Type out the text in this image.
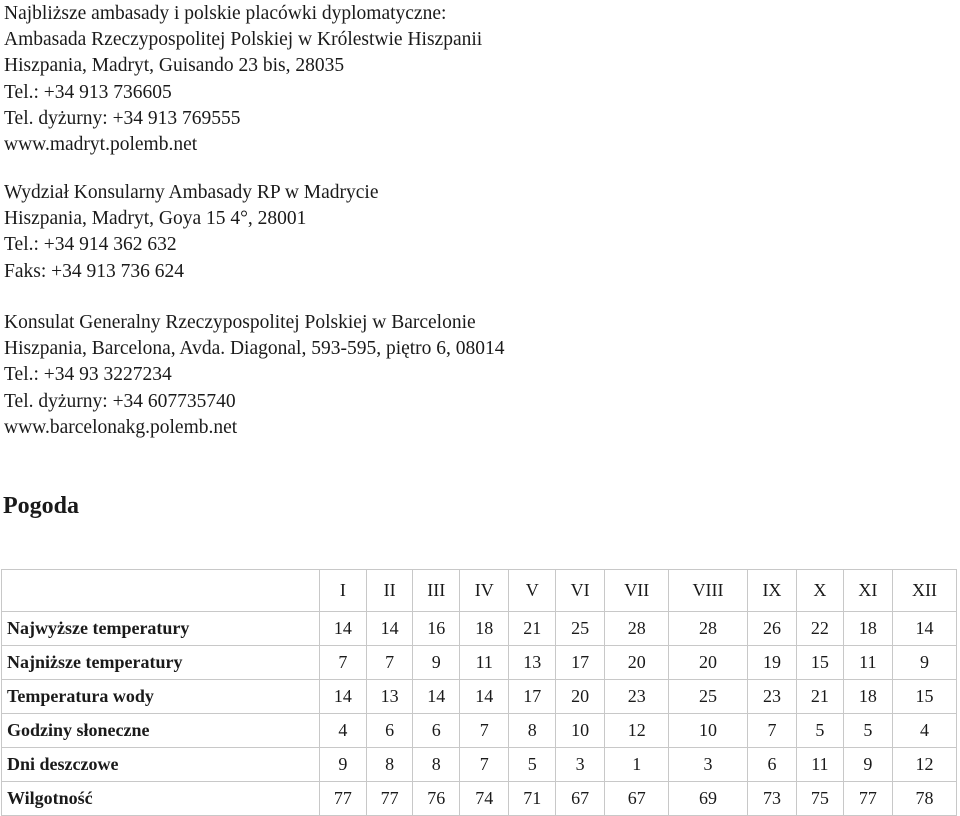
Najbliższe ambasady i polskie placówki dyplomatyczne:
Ambasada Rzeczypospolitej Polskiej w Królestwie Hiszpanii
Hiszpania, Madryt, Guisando 23 bis, 28035
Tel.: +34 913 736605
Tel. dyżurny: +34 913 769555
www.madryt.polemb.net
Wydział Konsularny Ambasady RP w Madrycie
Hiszpania, Madryt, Goya 15 4°, 28001
Tel.: +34 914 362 632
Faks: +34 913 736 624
Konsulat Generalny Rzeczypospolitej Polskiej w Barcelonie
Hiszpania, Barcelona, Avda. Diagonal, 593-595, piętro 6, 08014
Tel.: +34 93 3227234
Tel. dyżurny: +34 607735740
www.barcelonakg.polemb.net
Pogoda
	I	II	III	IV	V	VI	VII	VIII	IX	X	XI	XII
Najwyższe temperatury	14	14	16	18	21	25	28	28	26	22	18	14
Najniższe temperatury	7	7	9	11	13	17	20	20	19	15	11	9
Temperatura wody	14	13	14	14	17	20	23	25	23	21	18	15
Godziny słoneczne	4	6	6	7	8	10	12	10	7	5	5	4
Dni deszczowe	9	8	8	7	5	3	1	3	6	11	9	12
Wilgotność	77	77	76	74	71	67	67	69	73	75	77	78
